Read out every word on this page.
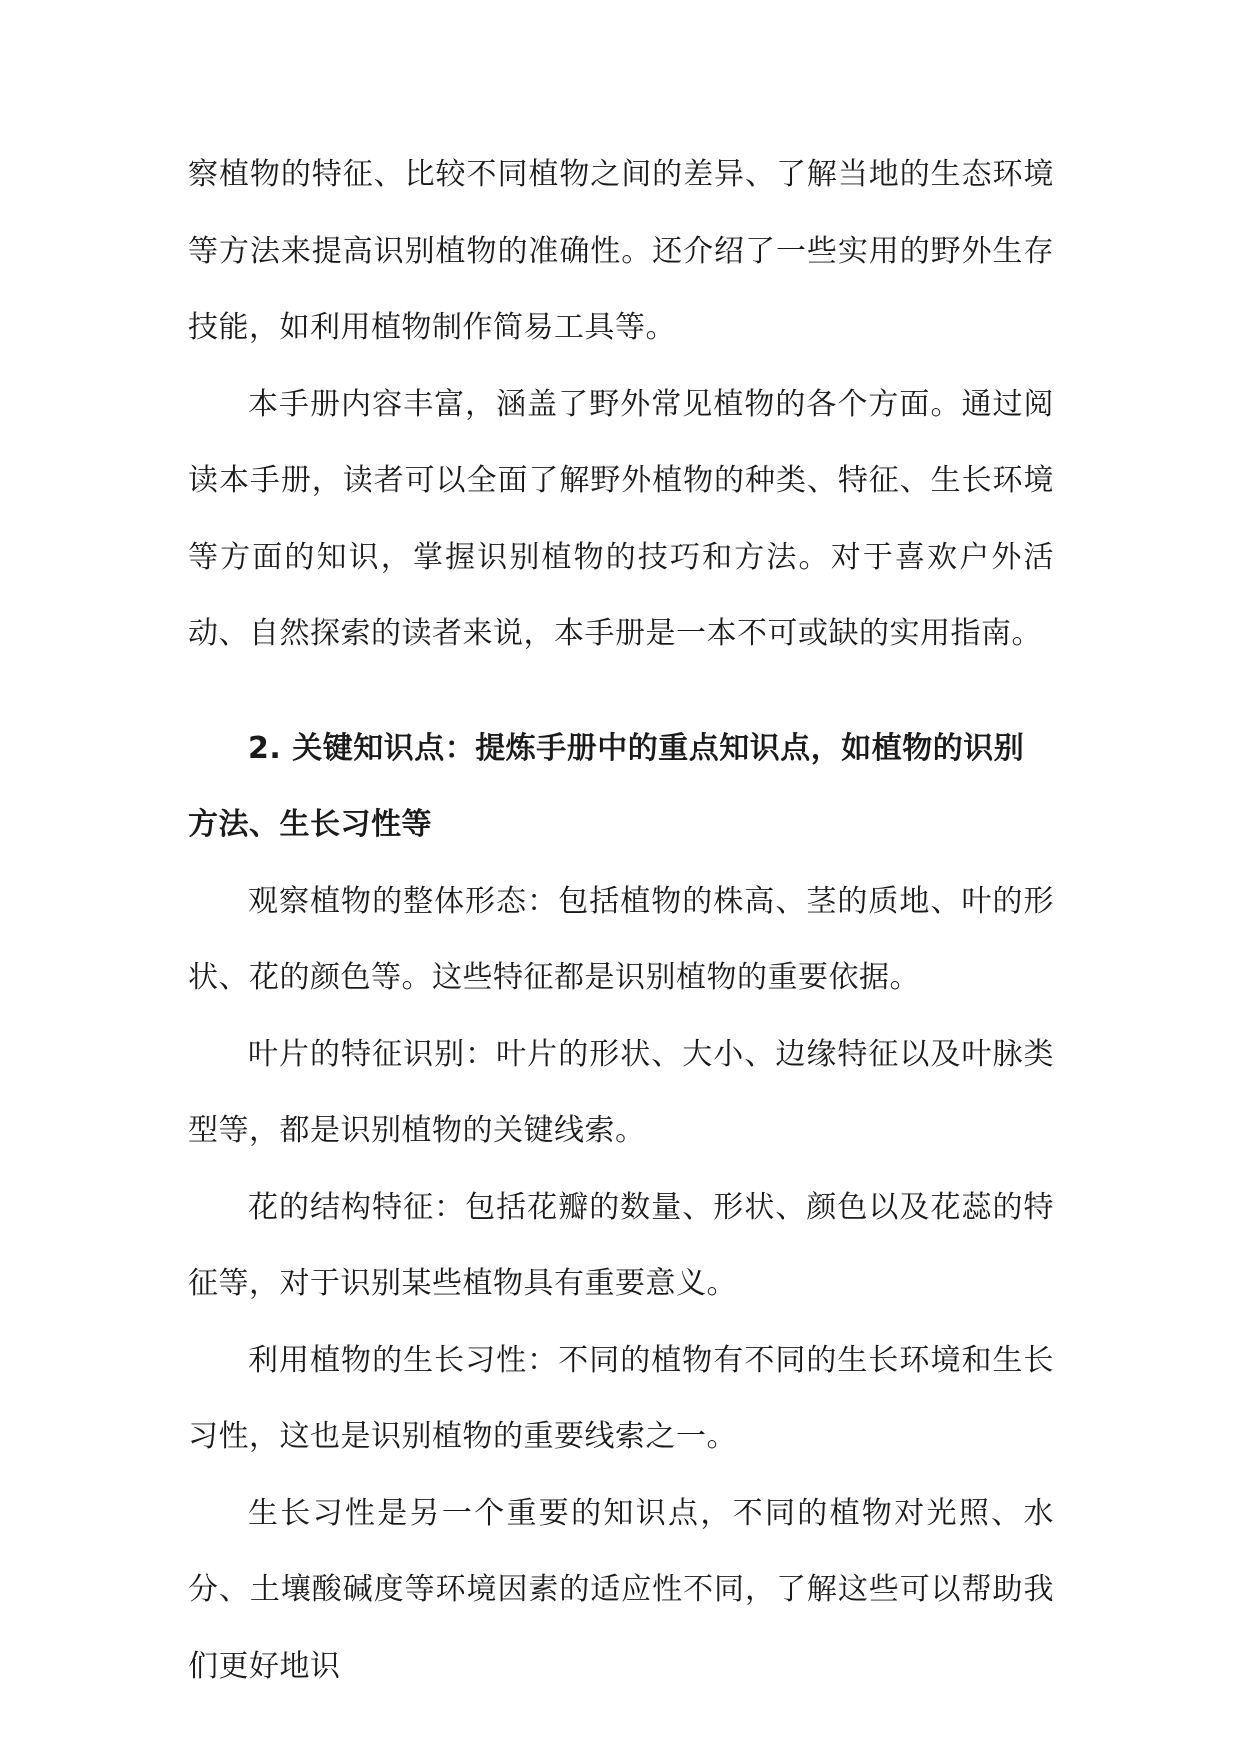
察植物的特征、比较不同植物之间的差异、了解当地的生态环境等方法来提高识别植物的准确性。还介绍了一些实用的野外生存技能，如利用植物制作简易工具等。

本手册内容丰富，涵盖了野外常见植物的各个方面。通过阅读本手册，读者可以全面了解野外植物的种类、特征、生长环境等方面的知识，掌握识别植物的技巧和方法。对于喜欢户外活动、自然探索的读者来说，本手册是一本不可或缺的实用指南。

2. 关键知识点：提炼手册中的重点知识点，如植物的识别方法、生长习性等

观察植物的整体形态：包括植物的株高、茎的质地、叶的形状、花的颜色等。这些特征都是识别植物的重要依据。

叶片的特征识别：叶片的形状、大小、边缘特征以及叶脉类型等，都是识别植物的关键线索。

花的结构特征：包括花瓣的数量、形状、颜色以及花蕊的特征等，对于识别某些植物具有重要意义。

利用植物的生长习性：不同的植物有不同的生长环境和生长习性，这也是识别植物的重要线索之一。

生长习性是另一个重要的知识点，不同的植物对光照、水分、土壤酸碱度等环境因素的适应性不同，了解这些可以帮助我们更好地识
